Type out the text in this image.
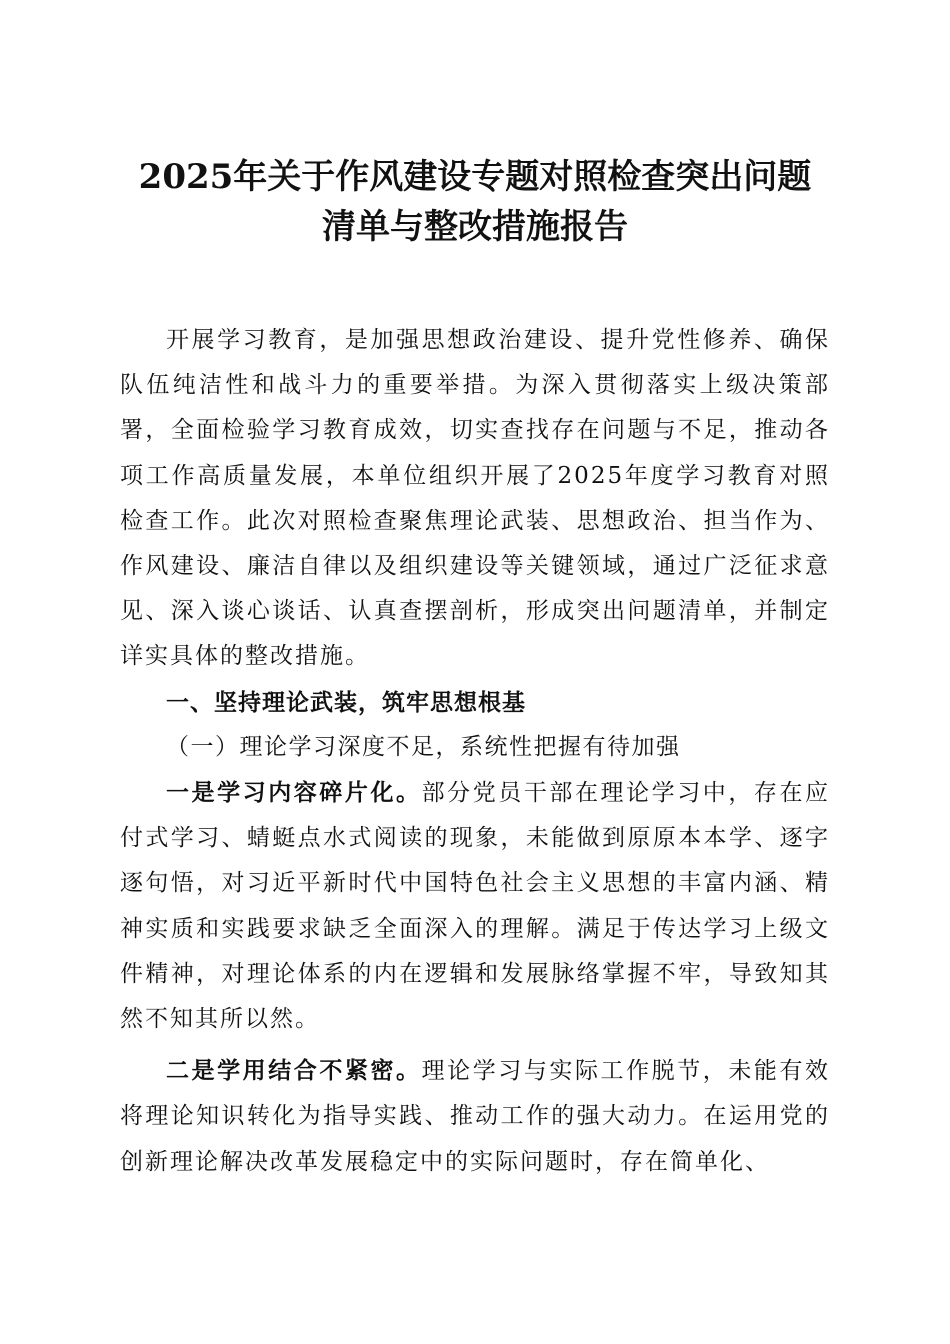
2025年关于作风建设专题对照检查突出问题
清单与整改措施报告

开展学习教育，是加强思想政治建设、提升党性修养、确保队伍纯洁性和战斗力的重要举措。为深入贯彻落实上级决策部署，全面检验学习教育成效，切实查找存在问题与不足，推动各项工作高质量发展，本单位组织开展了2025年度学习教育对照检查工作。此次对照检查聚焦理论武装、思想政治、担当作为、作风建设、廉洁自律以及组织建设等关键领域，通过广泛征求意见、深入谈心谈话、认真查摆剖析，形成突出问题清单，并制定详实具体的整改措施。

一、坚持理论武装，筑牢思想根基

（一）理论学习深度不足，系统性把握有待加强

一是学习内容碎片化。部分党员干部在理论学习中，存在应付式学习、蜻蜓点水式阅读的现象，未能做到原原本本学、逐字逐句悟，对习近平新时代中国特色社会主义思想的丰富内涵、精神实质和实践要求缺乏全面深入的理解。满足于传达学习上级文件精神，对理论体系的内在逻辑和发展脉络掌握不牢，导致知其然不知其所以然。

二是学用结合不紧密。理论学习与实际工作脱节，未能有效将理论知识转化为指导实践、推动工作的强大动力。在运用党的创新理论解决改革发展稳定中的实际问题时，存在简单化、
